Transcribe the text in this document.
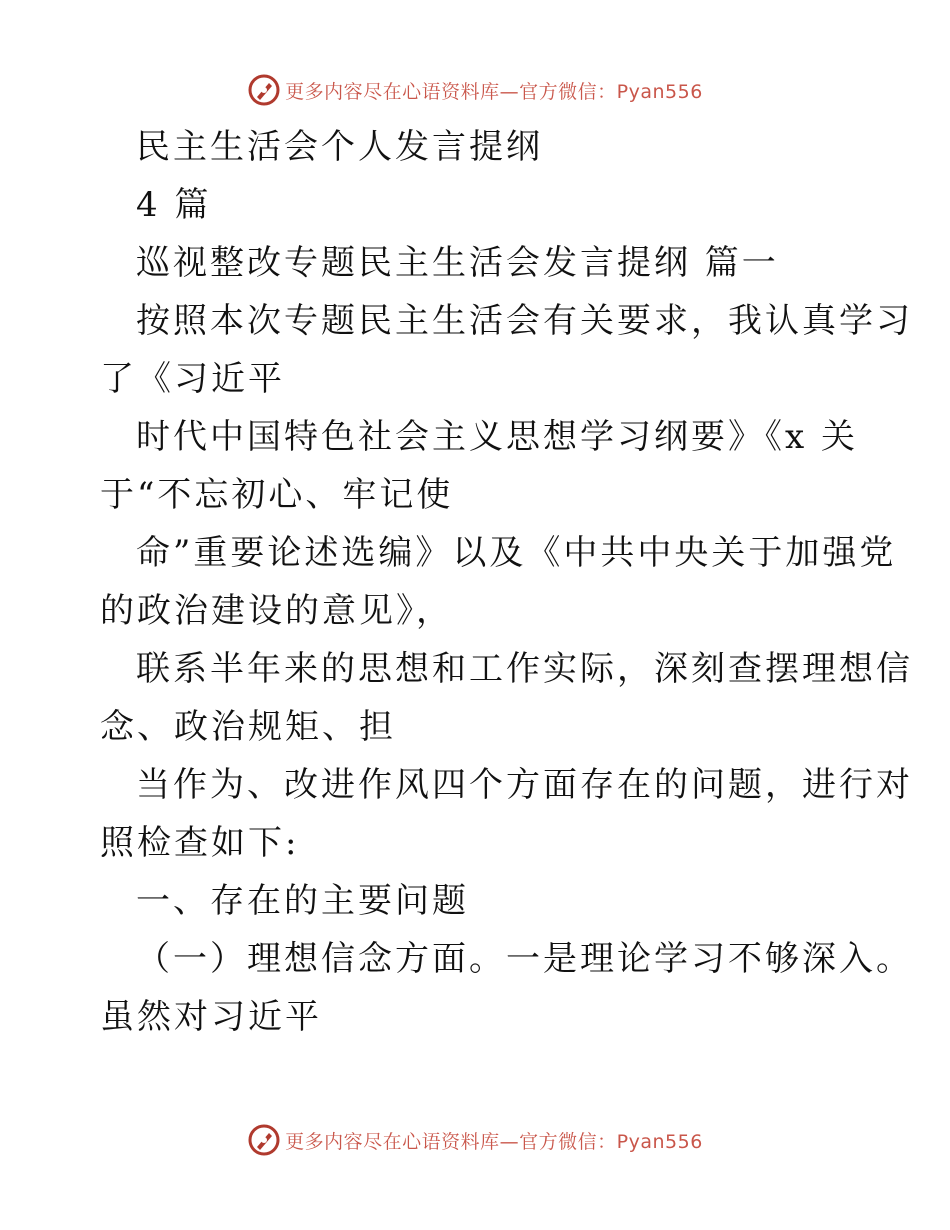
更多内容尽在心语资料库—官方微信：Pyan556
民主生活会个人发言提纲
4 篇
巡视整改专题民主生活会发言提纲 篇一
按照本次专题民主生活会有关要求，我认真学习
了《习近平
时代中国特色社会主义思想学习纲要》《x 关
于“不忘初心、牢记使
命”重要论述选编》以及《中共中央关于加强党
的政治建设的意见》，
联系半年来的思想和工作实际，深刻查摆理想信
念、政治规矩、担
当作为、改进作风四个方面存在的问题，进行对
照检查如下:
一、存在的主要问题
（一）理想信念方面。一是理论学习不够深入。
虽然对习近平
更多内容尽在心语资料库—官方微信：Pyan556
